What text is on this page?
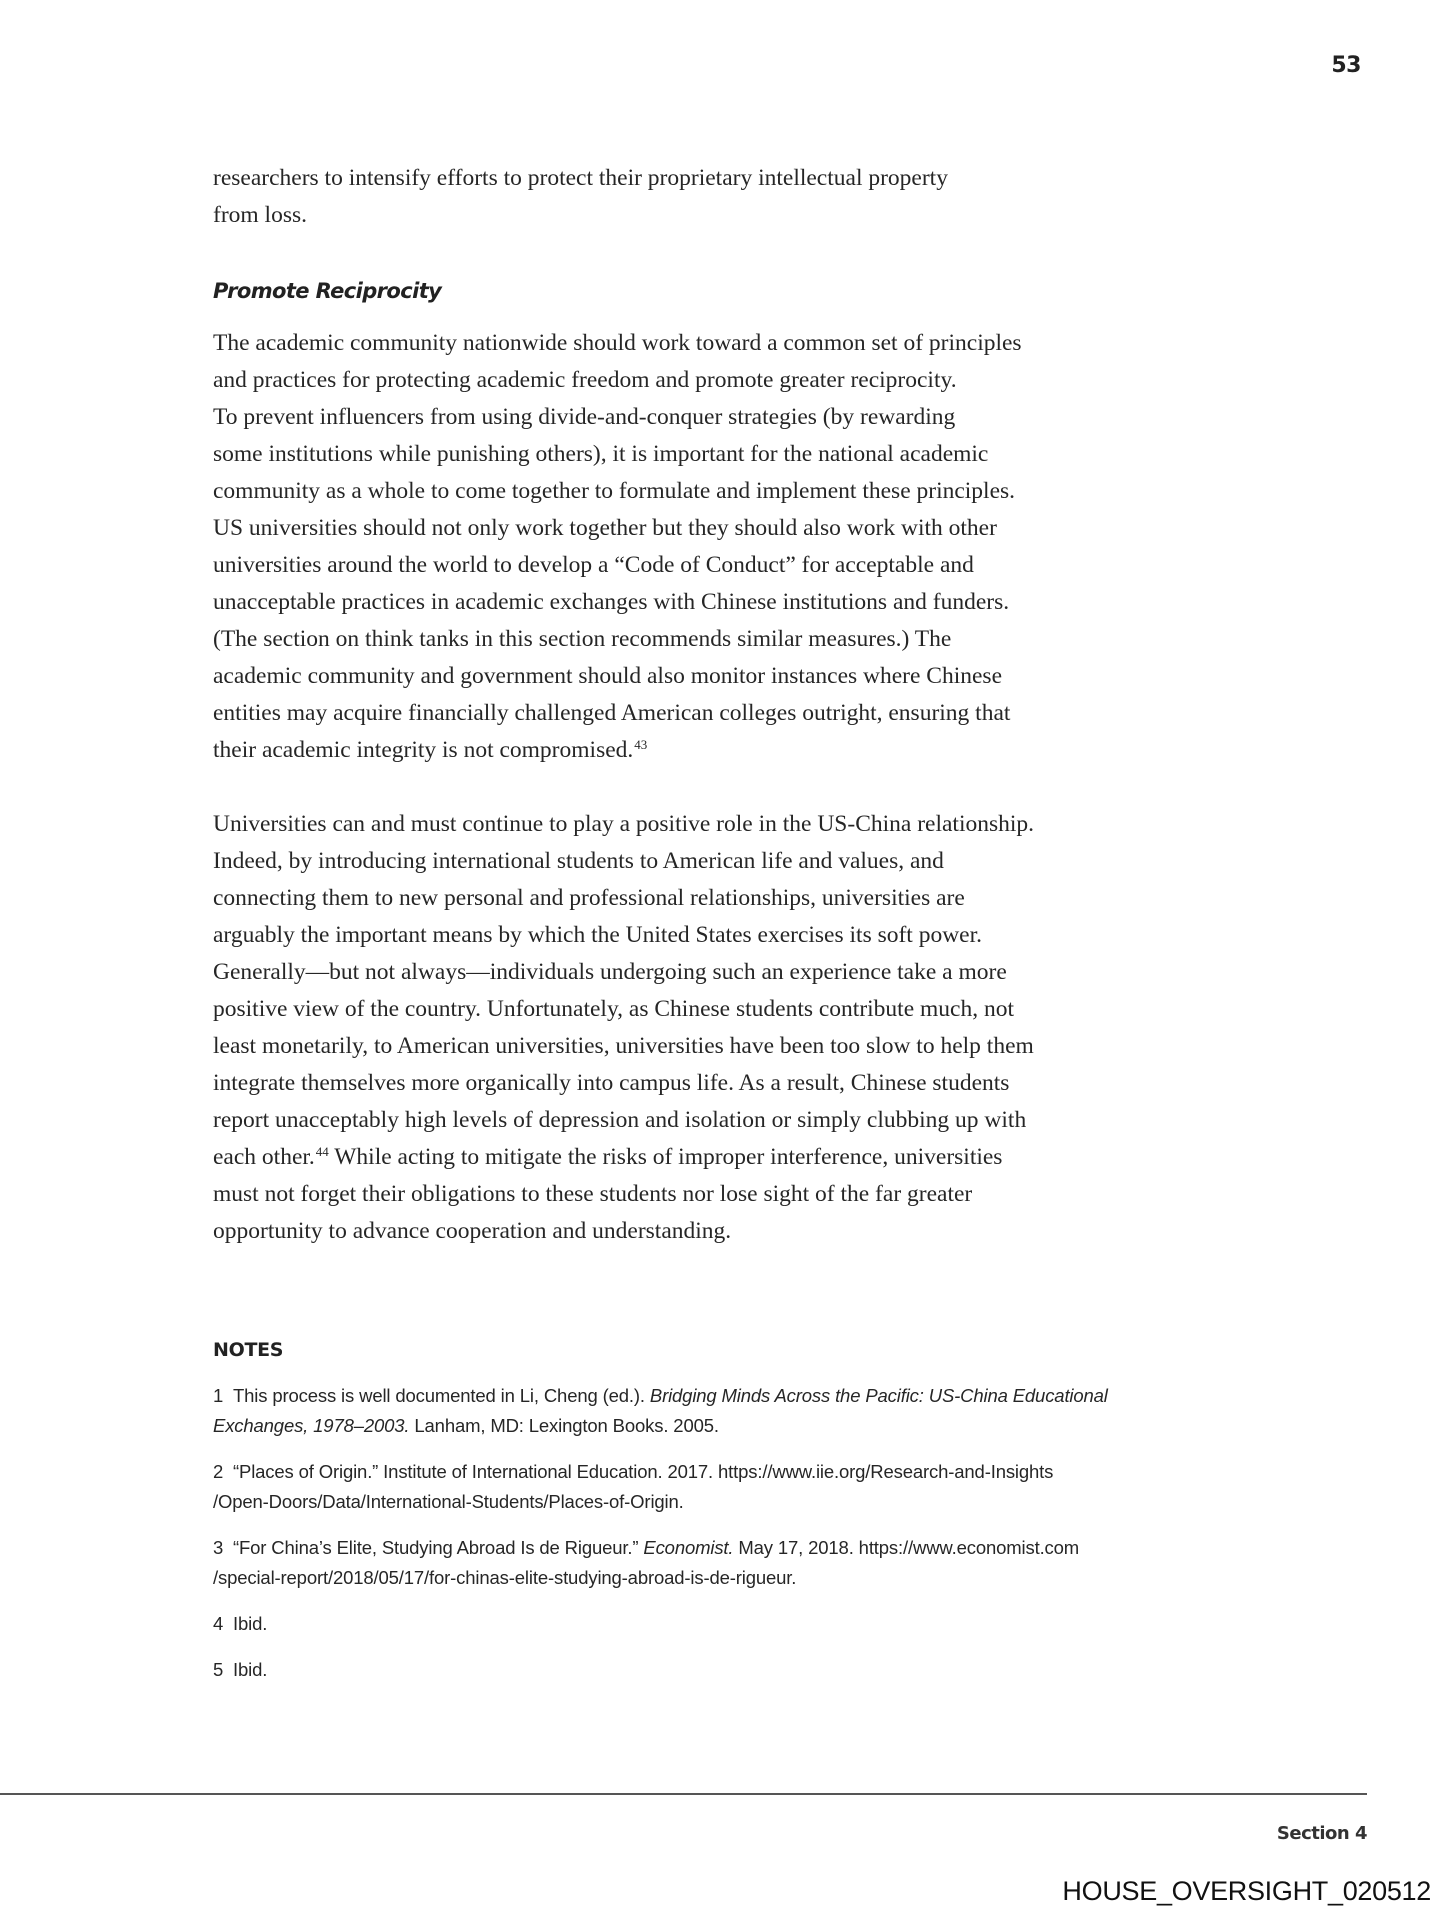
53
researchers to intensify efforts to protect their proprietary intellectual property
from loss.
Promote Reciprocity
The academic community nationwide should work toward a common set of principles
and practices for protecting academic freedom and promote greater reciprocity.
To prevent influencers from using divide-and-conquer strategies (by rewarding
some institutions while punishing others), it is important for the national academic
community as a whole to come together to formulate and implement these principles.
US universities should not only work together but they should also work with other
universities around the world to develop a “Code of Conduct” for acceptable and
unacceptable practices in academic exchanges with Chinese institutions and funders.
(The section on think tanks in this section recommends similar measures.) The
academic community and government should also monitor instances where Chinese
entities may acquire financially challenged American colleges outright, ensuring that
their academic integrity is not compromised.$^{43}$
Universities can and must continue to play a positive role in the US-China relationship.
Indeed, by introducing international students to American life and values, and
connecting them to new personal and professional relationships, universities are
arguably the important means by which the United States exercises its soft power.
Generally—but not always—individuals undergoing such an experience take a more
positive view of the country. Unfortunately, as Chinese students contribute much, not
least monetarily, to American universities, universities have been too slow to help them
integrate themselves more organically into campus life. As a result, Chinese students
report unacceptably high levels of depression and isolation or simply clubbing up with
each other.$^{44}$ While acting to mitigate the risks of improper interference, universities
must not forget their obligations to these students nor lose sight of the far greater
opportunity to advance cooperation and understanding.
NOTES
1 This process is well documented in Li, Cheng (ed.). Bridging Minds Across the Pacific: US-China Educational
Exchanges, 1978–2003. Lanham, MD: Lexington Books. 2005.
2 “Places of Origin.” Institute of International Education. 2017. https://www.iie.org/Research-and-Insights
/Open-Doors/Data/International-Students/Places-of-Origin.
3 “For China’s Elite, Studying Abroad Is de Rigueur.” Economist. May 17, 2018. https://www.economist.com
/special-report/2018/05/17/for-chinas-elite-studying-abroad-is-de-rigueur.
4 Ibid.
5 Ibid.
Section 4
HOUSE_OVERSIGHT_020512
